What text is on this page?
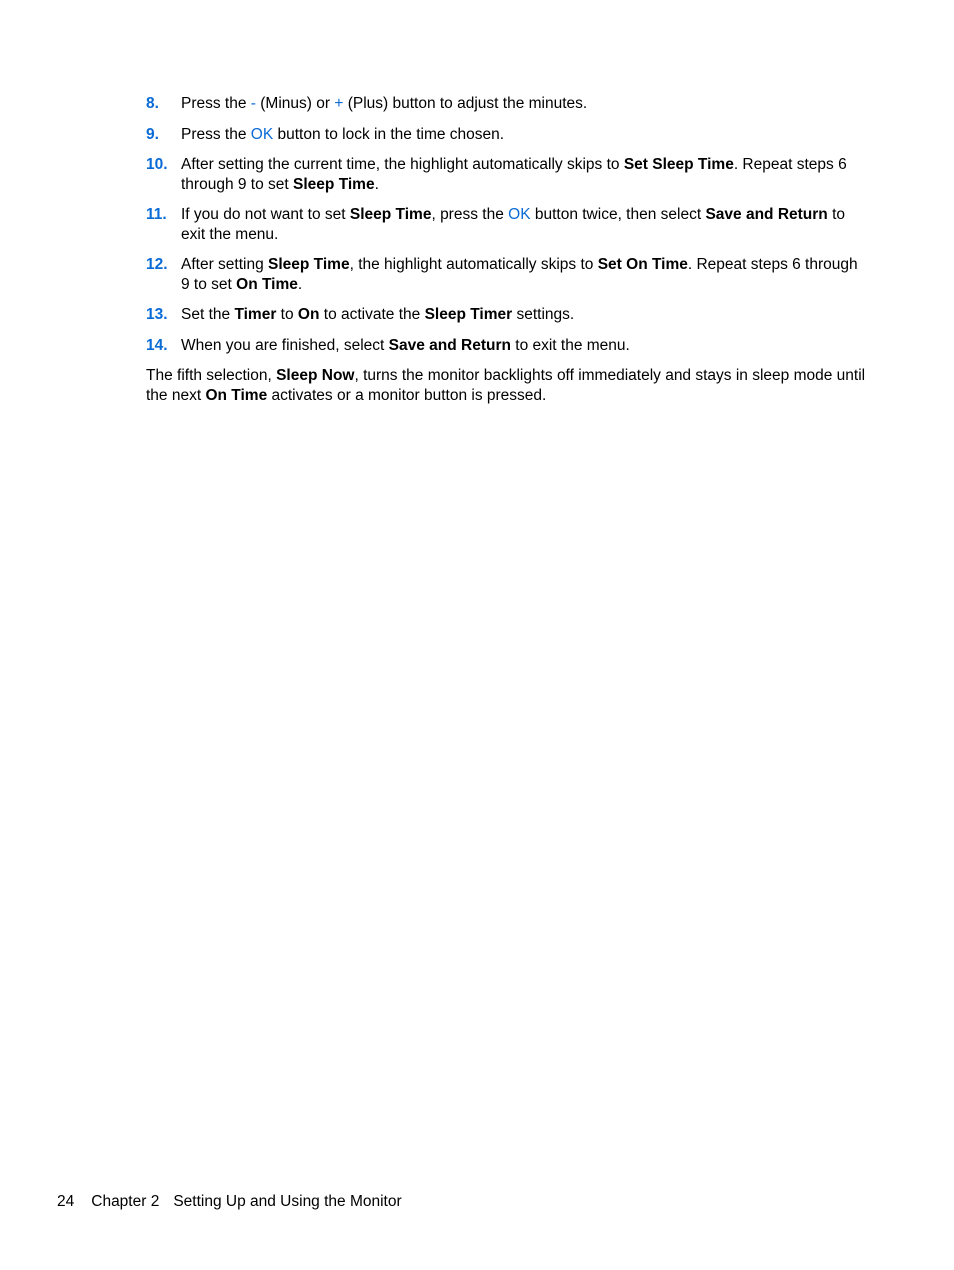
8. Press the - (Minus) or + (Plus) button to adjust the minutes.
9. Press the OK button to lock in the time chosen.
10. After setting the current time, the highlight automatically skips to Set Sleep Time. Repeat steps 6 through 9 to set Sleep Time.
11. If you do not want to set Sleep Time, press the OK button twice, then select Save and Return to exit the menu.
12. After setting Sleep Time, the highlight automatically skips to Set On Time. Repeat steps 6 through 9 to set On Time.
13. Set the Timer to On to activate the Sleep Timer settings.
14. When you are finished, select Save and Return to exit the menu.

The fifth selection, Sleep Now, turns the monitor backlights off immediately and stays in sleep mode until the next On Time activates or a monitor button is pressed.

24 Chapter 2 Setting Up and Using the Monitor
